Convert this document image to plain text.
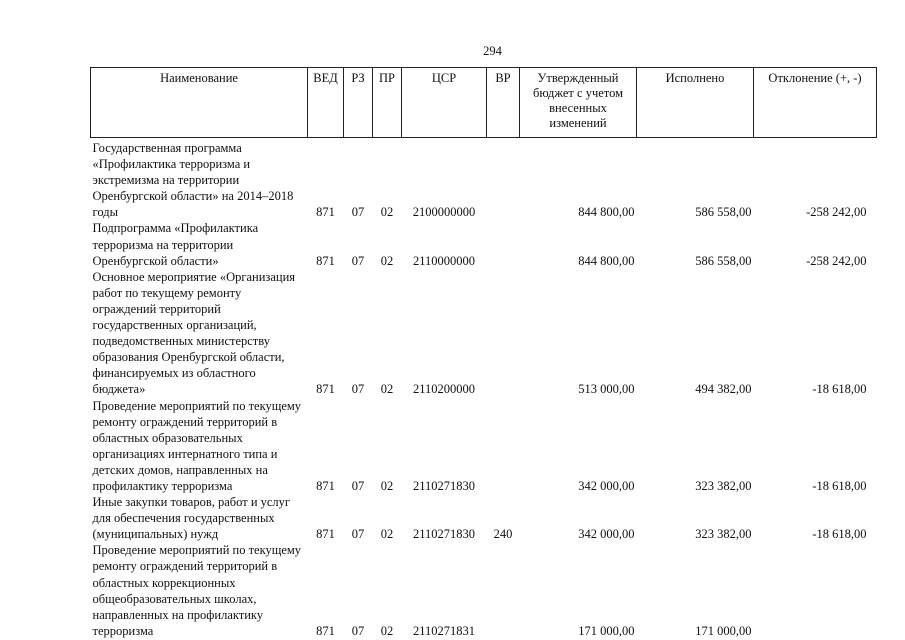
294
Наименование	ВЕД	РЗ	ПР	ЦСР	ВР	Утвержденный бюджет с учетом внесенных изменений	Исполнено	Отклонение (+, -)
Государственная программа «Профилактика терроризма и экстремизма на территории Оренбургской области» на 2014–2018 годы	871	07	02	2100000000		844 800,00	586 558,00	-258 242,00
Подпрограмма «Профилактика терроризма на территории Оренбургской области»	871	07	02	2110000000		844 800,00	586 558,00	-258 242,00
Основное мероприятие «Организация работ по текущему ремонту ограждений территорий государственных организаций, подведомственных министерству образования Оренбургской области, финансируемых из областного бюджета»	871	07	02	2110200000		513 000,00	494 382,00	-18 618,00
Проведение мероприятий по текущему ремонту ограждений территорий в областных образовательных организациях интернатного типа и детских домов, направленных на профилактику терроризма	871	07	02	2110271830		342 000,00	323 382,00	-18 618,00
Иные закупки товаров, работ и услуг для обеспечения государственных (муниципальных) нужд	871	07	02	2110271830	240	342 000,00	323 382,00	-18 618,00
Проведение мероприятий по текущему ремонту ограждений территорий в областных коррекционных общеобразовательных школах, направленных на профилактику терроризма	871	07	02	2110271831		171 000,00	171 000,00	
